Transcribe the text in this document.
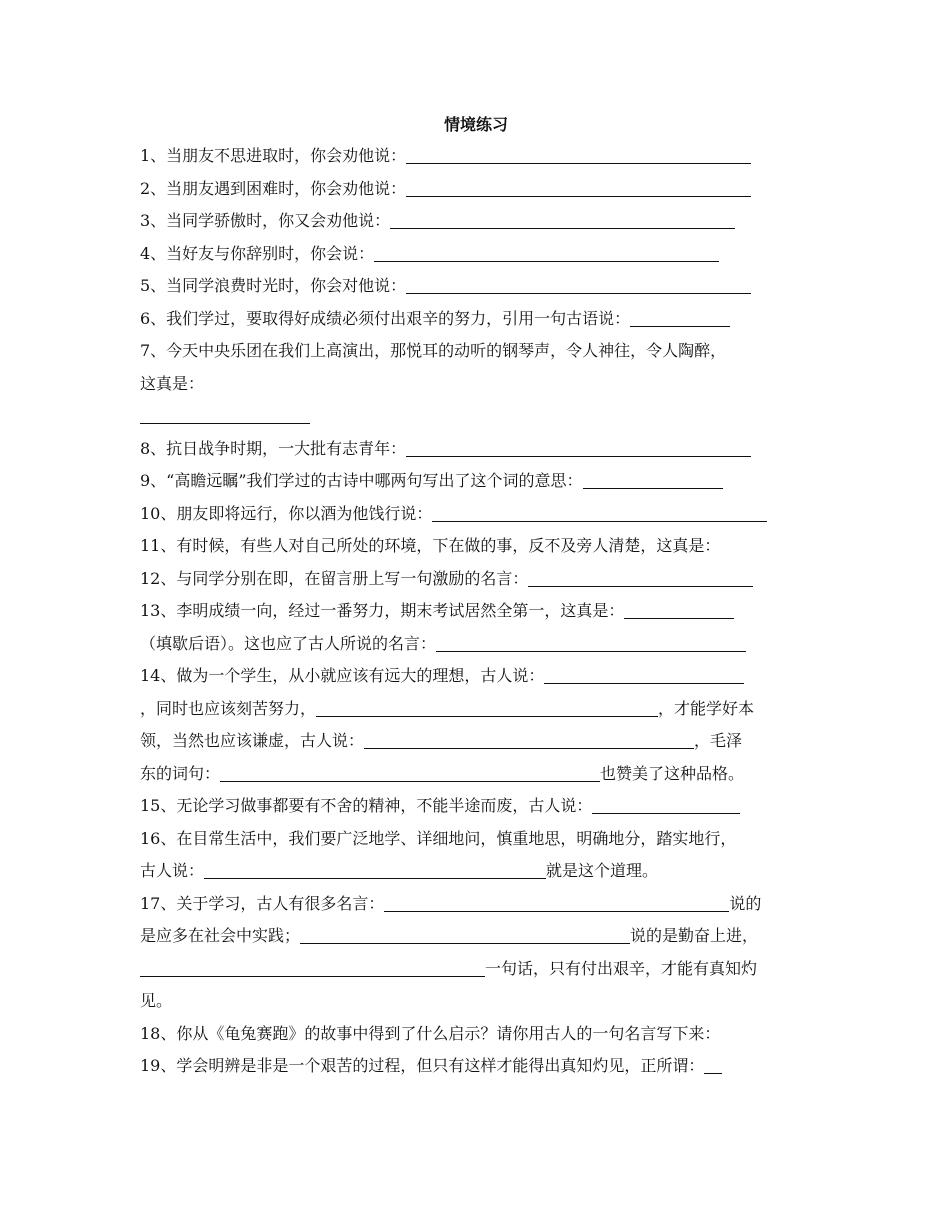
情境练习
1、当朋友不思进取时，你会劝他说：
2、当朋友遇到困难时，你会劝他说：
3、当同学骄傲时，你又会劝他说：
4、当好友与你辞别时，你会说：
5、当同学浪费时光时，你会对他说：
6、我们学过，要取得好成绩必须付出艰辛的努力，引用一句古语说：
7、今天中央乐团在我们上高演出，那悦耳的动听的钢琴声，令人神往，令人陶醉，
这真是：
8、抗日战争时期，一大批有志青年：
9、“高瞻远瞩”我们学过的古诗中哪两句写出了这个词的意思：
10、朋友即将远行，你以酒为他饯行说：
11、有时候，有些人对自己所处的环境，下在做的事，反不及旁人清楚，这真是：
12、与同学分别在即，在留言册上写一句激励的名言：
13、李明成绩一向，经过一番努力，期末考试居然全第一，这真是：
（填歇后语）。这也应了古人所说的名言：
14、做为一个学生，从小就应该有远大的理想，古人说：
，同时也应该刻苦努力，	，才能学好本
领，当然也应该谦虚，古人说：	，毛泽
东的词句：	也赞美了这种品格。
15、无论学习做事都要有不舍的精神，不能半途而废，古人说：
16、在目常生活中，我们要广泛地学、详细地问，慎重地思，明确地分，踏实地行，
古人说：	就是这个道理。
17、关于学习，古人有很多名言：	说的
是应多在社会中实践；	说的是勤奋上进，
一句话，只有付出艰辛，才能有真知灼
见。
18、你从《龟兔赛跑》的故事中得到了什么启示？请你用古人的一句名言写下来：
19、学会明辨是非是一个艰苦的过程，但只有这样才能得出真知灼见，正所谓：
